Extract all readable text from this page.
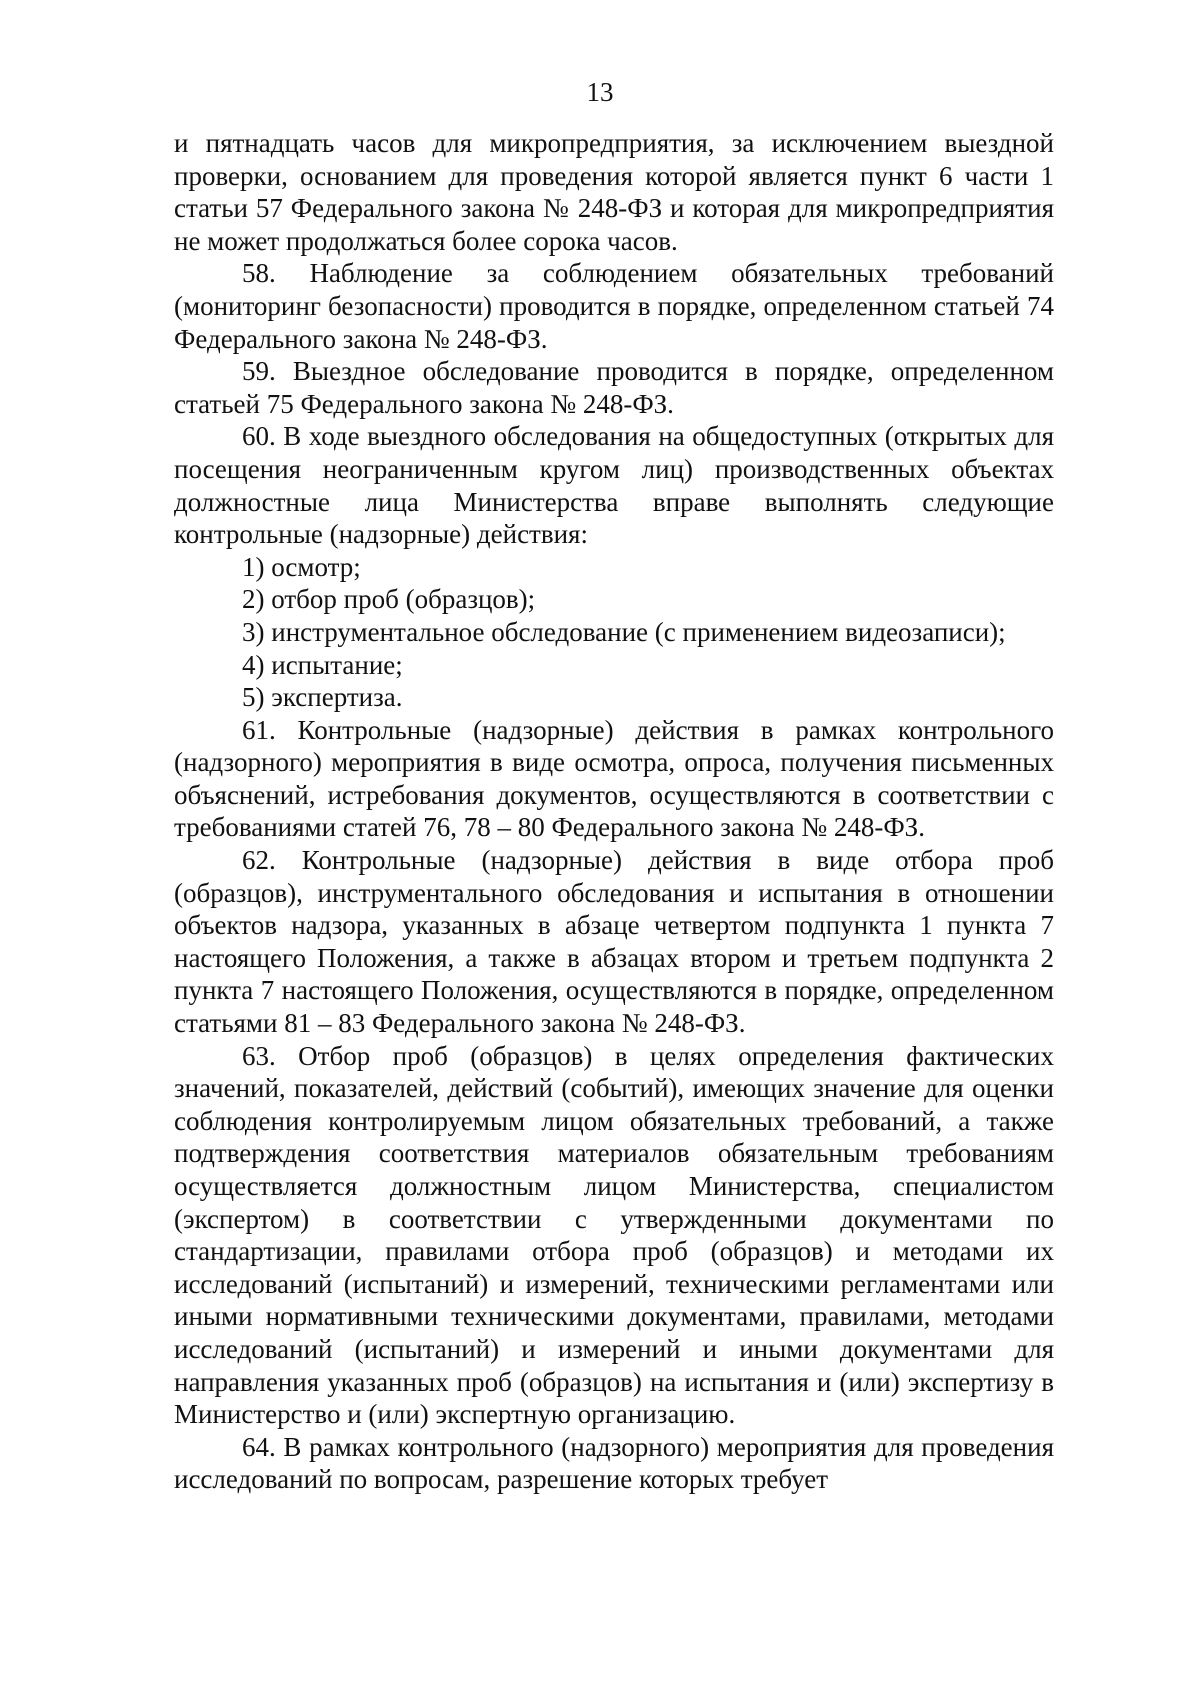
13

и пятнадцать часов для микропредприятия, за исключением выездной проверки, основанием для проведения которой является пункт 6 части 1 статьи 57 Федерального закона № 248-ФЗ и которая для микропредприятия не может продолжаться более сорока часов.

58. Наблюдение за соблюдением обязательных требований (мониторинг безопасности) проводится в порядке, определенном статьей 74 Федерального закона № 248-ФЗ.

59. Выездное обследование проводится в порядке, определенном статьей 75 Федерального закона № 248-ФЗ.

60. В ходе выездного обследования на общедоступных (открытых для посещения неограниченным кругом лиц) производственных объектах должностные лица Министерства вправе выполнять следующие контрольные (надзорные) действия:

1) осмотр;

2) отбор проб (образцов);

3) инструментальное обследование (с применением видеозаписи);

4) испытание;

5) экспертиза.

61. Контрольные (надзорные) действия в рамках контрольного (надзорного) мероприятия в виде осмотра, опроса, получения письменных объяснений, истребования документов, осуществляются в соответствии с требованиями статей 76, 78 – 80 Федерального закона № 248-ФЗ.

62. Контрольные (надзорные) действия в виде отбора проб (образцов), инструментального обследования и испытания в отношении объектов надзора, указанных в абзаце четвертом подпункта 1 пункта 7 настоящего Положения, а также в абзацах втором и третьем подпункта 2 пункта 7 настоящего Положения, осуществляются в порядке, определенном статьями 81 – 83 Федерального закона № 248-ФЗ.

63. Отбор проб (образцов) в целях определения фактических значений, показателей, действий (событий), имеющих значение для оценки соблюдения контролируемым лицом обязательных требований, а также подтверждения соответствия материалов обязательным требованиям осуществляется должностным лицом Министерства, специалистом (экспертом) в соответствии с утвержденными документами по стандартизации, правилами отбора проб (образцов) и методами их исследований (испытаний) и измерений, техническими регламентами или иными нормативными техническими документами, правилами, методами исследований (испытаний) и измерений и иными документами для направления указанных проб (образцов) на испытания и (или) экспертизу в Министерство и (или) экспертную организацию.

64. В рамках контрольного (надзорного) мероприятия для проведения исследований по вопросам, разрешение которых требует
